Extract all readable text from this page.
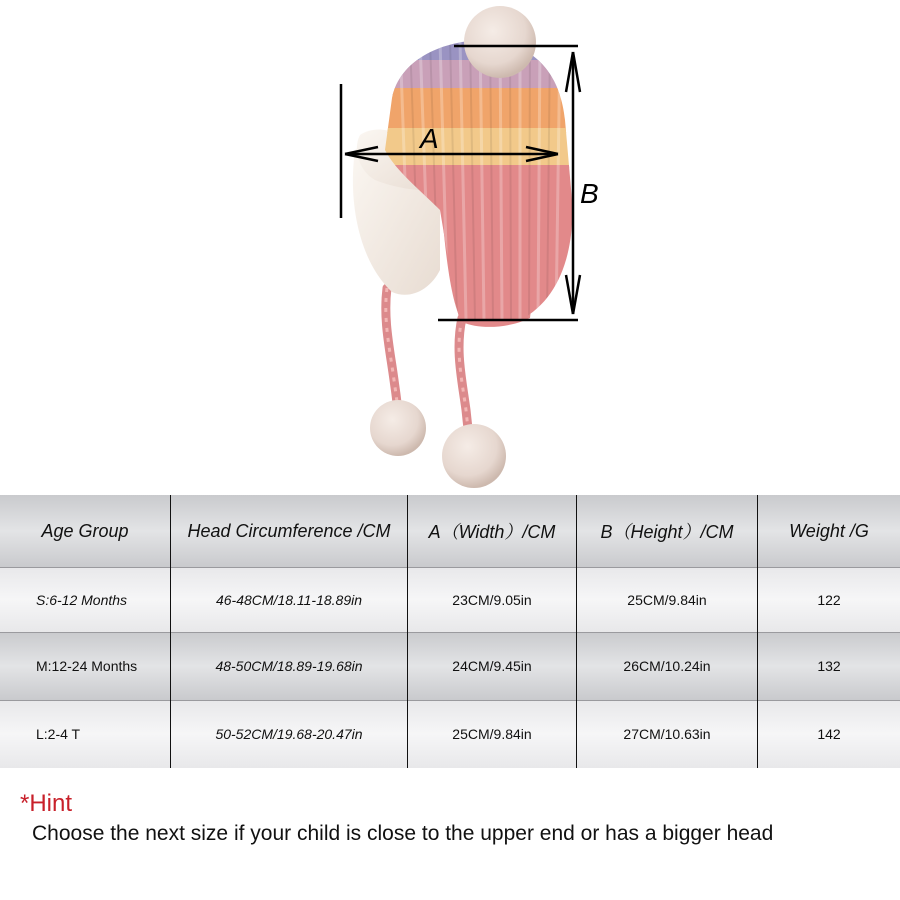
A
B
Age Group	Head Circumference /CM	A（Width）/CM	B（Height）/CM	Weight /G
S:6-12 Months	46-48CM/18.11-18.89in	23CM/9.05in	25CM/9.84in	122
M:12-24 Months	48-50CM/18.89-19.68in	24CM/9.45in	26CM/10.24in	132
L:2-4 T	50-52CM/19.68-20.47in	25CM/9.84in	27CM/10.63in	142
*Hint
Choose the next size if your child is close to the upper end or has a bigger head
